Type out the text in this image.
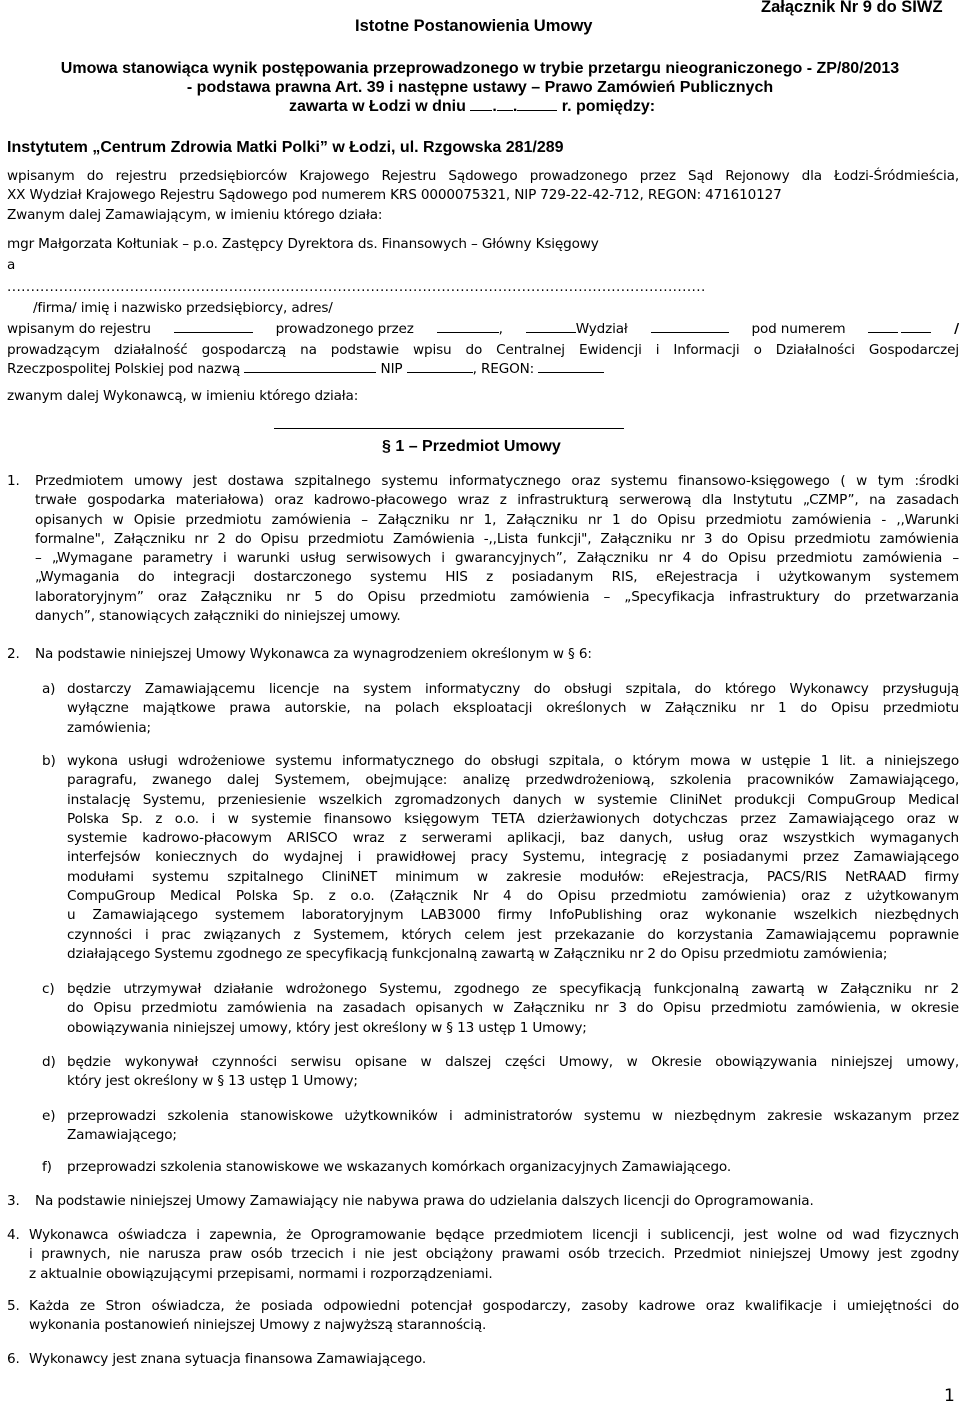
Istotne Postanowienia Umowy
Załącznik Nr 9 do SIWZ
Umowa stanowiąca wynik postępowania przeprowadzonego w trybie przetargu nieograniczonego - ZP/80/2013
- podstawa prawna Art. 39 i następne ustawy – Prawo Zamówień Publicznych
zawarta w Łodzi w dniu . .	r. pomiędzy:
Instytutem „Centrum Zdrowia Matki Polki” w Łodzi, ul. Rzgowska 281/289
wpisanym do rejestru przedsiębiorców Krajowego Rejestru Sądowego prowadzonego przez Sąd Rejonowy dla Łodzi-Śródmieścia,
XX Wydział Krajowego Rejestru Sądowego pod numerem KRS 0000075321, NIP 729-22-42-712, REGON: 471610127
Zwanym dalej Zamawiającym, w imieniu którego działa:
mgr Małgorzata Kołtuniak – p.o. Zastępcy Dyrektora ds. Finansowych – Główny Księgowy
a
....................................................................................................................................................
/firma/ imię i nazwisko przedsiębiorcy, adres/
wpisanym do rejestru	prowadzonego przez	,	Wydział	pod numerem	/
prowadzącym działalność gospodarczą na podstawie wpisu do Centralnej Ewidencji i Informacji o Działalności Gospodarczej
Rzeczpospolitej Polskiej pod nazwą	NIP	, REGON:
zwanym dalej Wykonawcą, w imieniu którego działa:
§ 1 – Przedmiot Umowy
1. Przedmiotem umowy jest dostawa szpitalnego systemu informatycznego oraz systemu finansowo-księgowego ( w tym :środki
trwałe gospodarka materiałowa) oraz kadrowo-płacowego wraz z infrastrukturą serwerową dla Instytutu „CZMP”, na zasadach
opisanych w Opisie przedmiotu zamówienia – Załączniku nr 1, Załączniku nr 1 do Opisu przedmiotu zamówienia - ,,Warunki
formalne", Załączniku nr 2 do Opisu przedmiotu Zamówienia -,,Lista funkcji", Załączniku nr 3 do Opisu przedmiotu zamówienia
– „Wymagane parametry i warunki usług serwisowych i gwarancyjnych”, Załączniku nr 4 do Opisu przedmiotu zamówienia –
„Wymagania do integracji dostarczonego systemu HIS z posiadanym RIS, eRejestracja i użytkowanym systemem
laboratoryjnym” oraz Załączniku nr 5 do Opisu przedmiotu zamówienia – „Specyfikacja infrastruktury do przetwarzania
danych”, stanowiących załączniki do niniejszej umowy.
2. Na podstawie niniejszej Umowy Wykonawca za wynagrodzeniem określonym w § 6:
a) dostarczy Zamawiającemu licencje na system informatyczny do obsługi szpitala, do którego Wykonawcy przysługują
wyłączne majątkowe prawa autorskie, na polach eksploatacji określonych w Załączniku nr 1 do Opisu przedmiotu
zamówienia;
b) wykona usługi wdrożeniowe systemu informatycznego do obsługi szpitala, o którym mowa w ustępie 1 lit. a niniejszego
paragrafu, zwanego dalej Systemem, obejmujące: analizę przedwdrożeniową, szkolenia pracowników Zamawiającego,
instalację Systemu, przeniesienie wszelkich zgromadzonych danych w systemie CliniNet produkcji CompuGroup Medical
Polska Sp. z o.o. i w systemie finansowo księgowym TETA dzierżawionych dotychczas przez Zamawiającego oraz w
systemie kadrowo-płacowym ARISCO wraz z serwerami aplikacji, baz danych, usług oraz wszystkich wymaganych
interfejsów koniecznych do wydajnej i prawidłowej pracy Systemu, integrację z posiadanymi przez Zamawiającego
modułami systemu szpitalnego CliniNET minimum w zakresie modułów: eRejestracja, PACS/RIS NetRAAD firmy
CompuGroup Medical Polska Sp. z o.o. (Załącznik Nr 4 do Opisu przedmiotu zamówienia) oraz z użytkowanym
u Zamawiającego systemem laboratoryjnym LAB3000 firmy InfoPublishing oraz wykonanie wszelkich niezbędnych
czynności i prac związanych z Systemem, których celem jest przekazanie do korzystania Zamawiającemu poprawnie
działającego Systemu zgodnego ze specyfikacją funkcjonalną zawartą w Załączniku nr 2 do Opisu przedmiotu zamówienia;
c) będzie utrzymywał działanie wdrożonego Systemu, zgodnego ze specyfikacją funkcjonalną zawartą w Załączniku nr 2
do Opisu przedmiotu zamówienia na zasadach opisanych w Załączniku nr 3 do Opisu przedmiotu zamówienia, w okresie
obowiązywania niniejszej umowy, który jest określony w § 13 ustęp 1 Umowy;
d) będzie wykonywał czynności serwisu opisane w dalszej części Umowy, w Okresie obowiązywania niniejszej umowy,
który jest określony w § 13 ustęp 1 Umowy;
e) przeprowadzi szkolenia stanowiskowe użytkowników i administratorów systemu w niezbędnym zakresie wskazanym przez
Zamawiającego;
f) przeprowadzi szkolenia stanowiskowe we wskazanych komórkach organizacyjnych Zamawiającego.
3. Na podstawie niniejszej Umowy Zamawiający nie nabywa prawa do udzielania dalszych licencji do Oprogramowania.
4. Wykonawca oświadcza i zapewnia, że Oprogramowanie będące przedmiotem licencji i sublicencji, jest wolne od wad fizycznych
i prawnych, nie narusza praw osób trzecich i nie jest obciążony prawami osób trzecich. Przedmiot niniejszej Umowy jest zgodny
z aktualnie obowiązującymi przepisami, normami i rozporządzeniami.
5. Każda ze Stron oświadcza, że posiada odpowiedni potencjał gospodarczy, zasoby kadrowe oraz kwalifikacje i umiejętności do
wykonania postanowień niniejszej Umowy z najwyższą starannością.
6. Wykonawcy jest znana sytuacja finansowa Zamawiającego.
1
